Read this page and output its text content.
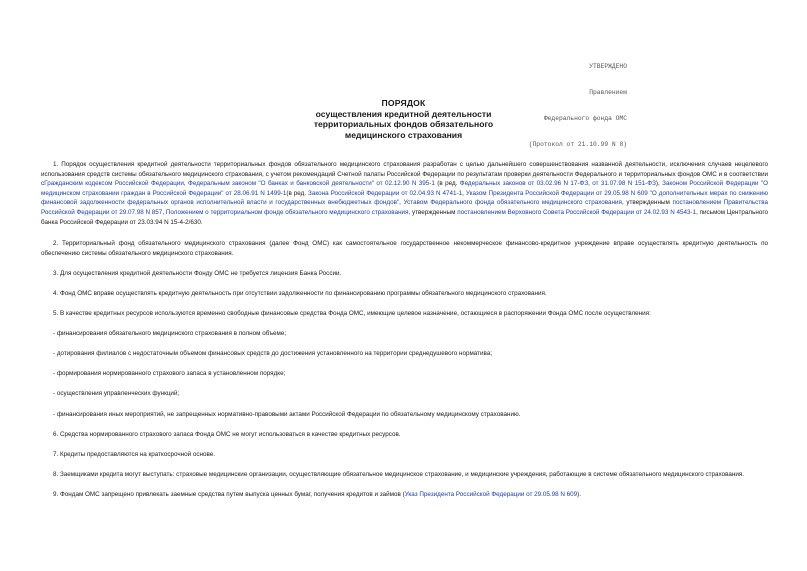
УТВЕРЖДЕНО

Правлением

Федерального фонда ОМС

(Протокол от 21.10.99 N 8)

ПОРЯДОК
осуществления кредитной деятельности
территориальных фондов обязательного
медицинского страхования

1. Порядок осуществления кредитной деятельности территориальных фондов обязательного медицинского страхования разработан с целью дальнейшего совершенствования названной деятельности, исключения случаев нецелевого использования средств системы обязательного медицинского страхования, с учетом рекомендаций Счетной палаты Российской Федерации по результатам проверки деятельности Федерального и территориальных фондов ОМС и в соответствии сГражданским кодексом Российской Федерации, Федеральным законом "О банках и банковской деятельности" от 02.12.90 N 395-1 (в ред. Федеральных законов от 03.02.96 N 17-ФЗ, от 31.07.98 N 151-ФЗ), Законом Российской Федерации "О медицинском страховании граждан в Российской Федерации" от 28.06.91 N 1499-1(в ред. Закона Российской Федерации от 02.04.93 N 4741-1, Указом Президента Российской Федерации от 29.05.98 N 609 "О дополнительных мерах по снижению финансовой задолженности федеральных органов исполнительной власти и государственных внебюджетных фондов", Уставом Федерального фонда обязательного медицинского страхования, утвержденным постановлением Правительства Российской Федерации от 29.07.98 N 857, Положением о территориальном фонде обязательного медицинского страхования, утвержденным постановлением Верховного Совета Российской Федерации от 24.02.93 N 4543-1, письмом Центрального банка Российской Федерации от 23.03.94 N 15-4-2/630.

2. Территориальный фонд обязательного медицинского страхования (далее Фонд ОМС) как самостоятельное государственное некоммерческое финансово-кредитное учреждение вправе осуществлять кредитную деятельность по обеспечению системы обязательного медицинского страхования.

3. Для осуществления кредитной деятельности Фонду ОМС не требуется лицензия Банка России.

4. Фонд ОМС вправе осуществлять кредитную деятельность при отсутствии задолженности по финансированию программы обязательного медицинского страхования.

5. В качестве кредитных ресурсов используются временно свободные финансовые средства Фонда ОМС, имеющие целевое назначение, остающиеся в распоряжении Фонда ОМС после осуществления:

- финансирования обязательного медицинского страхования в полном объеме;

- дотирования филиалов с недостаточным объемом финансовых средств до достижения установленного на территории среднедушевого норматива;

- формирования нормированного страхового запаса в установленном порядке;

- осуществления управленческих функций;

- финансирования иных мероприятий, не запрещенных нормативно-правовыми актами Российской Федерации по обязательному медицинскому страхованию.

6. Средства нормированного страхового запаса Фонда ОМС не могут использоваться в качестве кредитных ресурсов.

7. Кредиты предоставляются на краткосрочной основе.

8. Заемщиками кредита могут выступать: страховые медицинские организации, осуществляющие обязательное медицинское страхование, и медицинские учреждения, работающие в системе обязательного медицинского страхования.

9. Фондам ОМС запрещено привлекать заемные средства путем выпуска ценных бумаг, получения кредитов и займов (Указ Президента Российской Федерации от 29.05.98 N 609).
